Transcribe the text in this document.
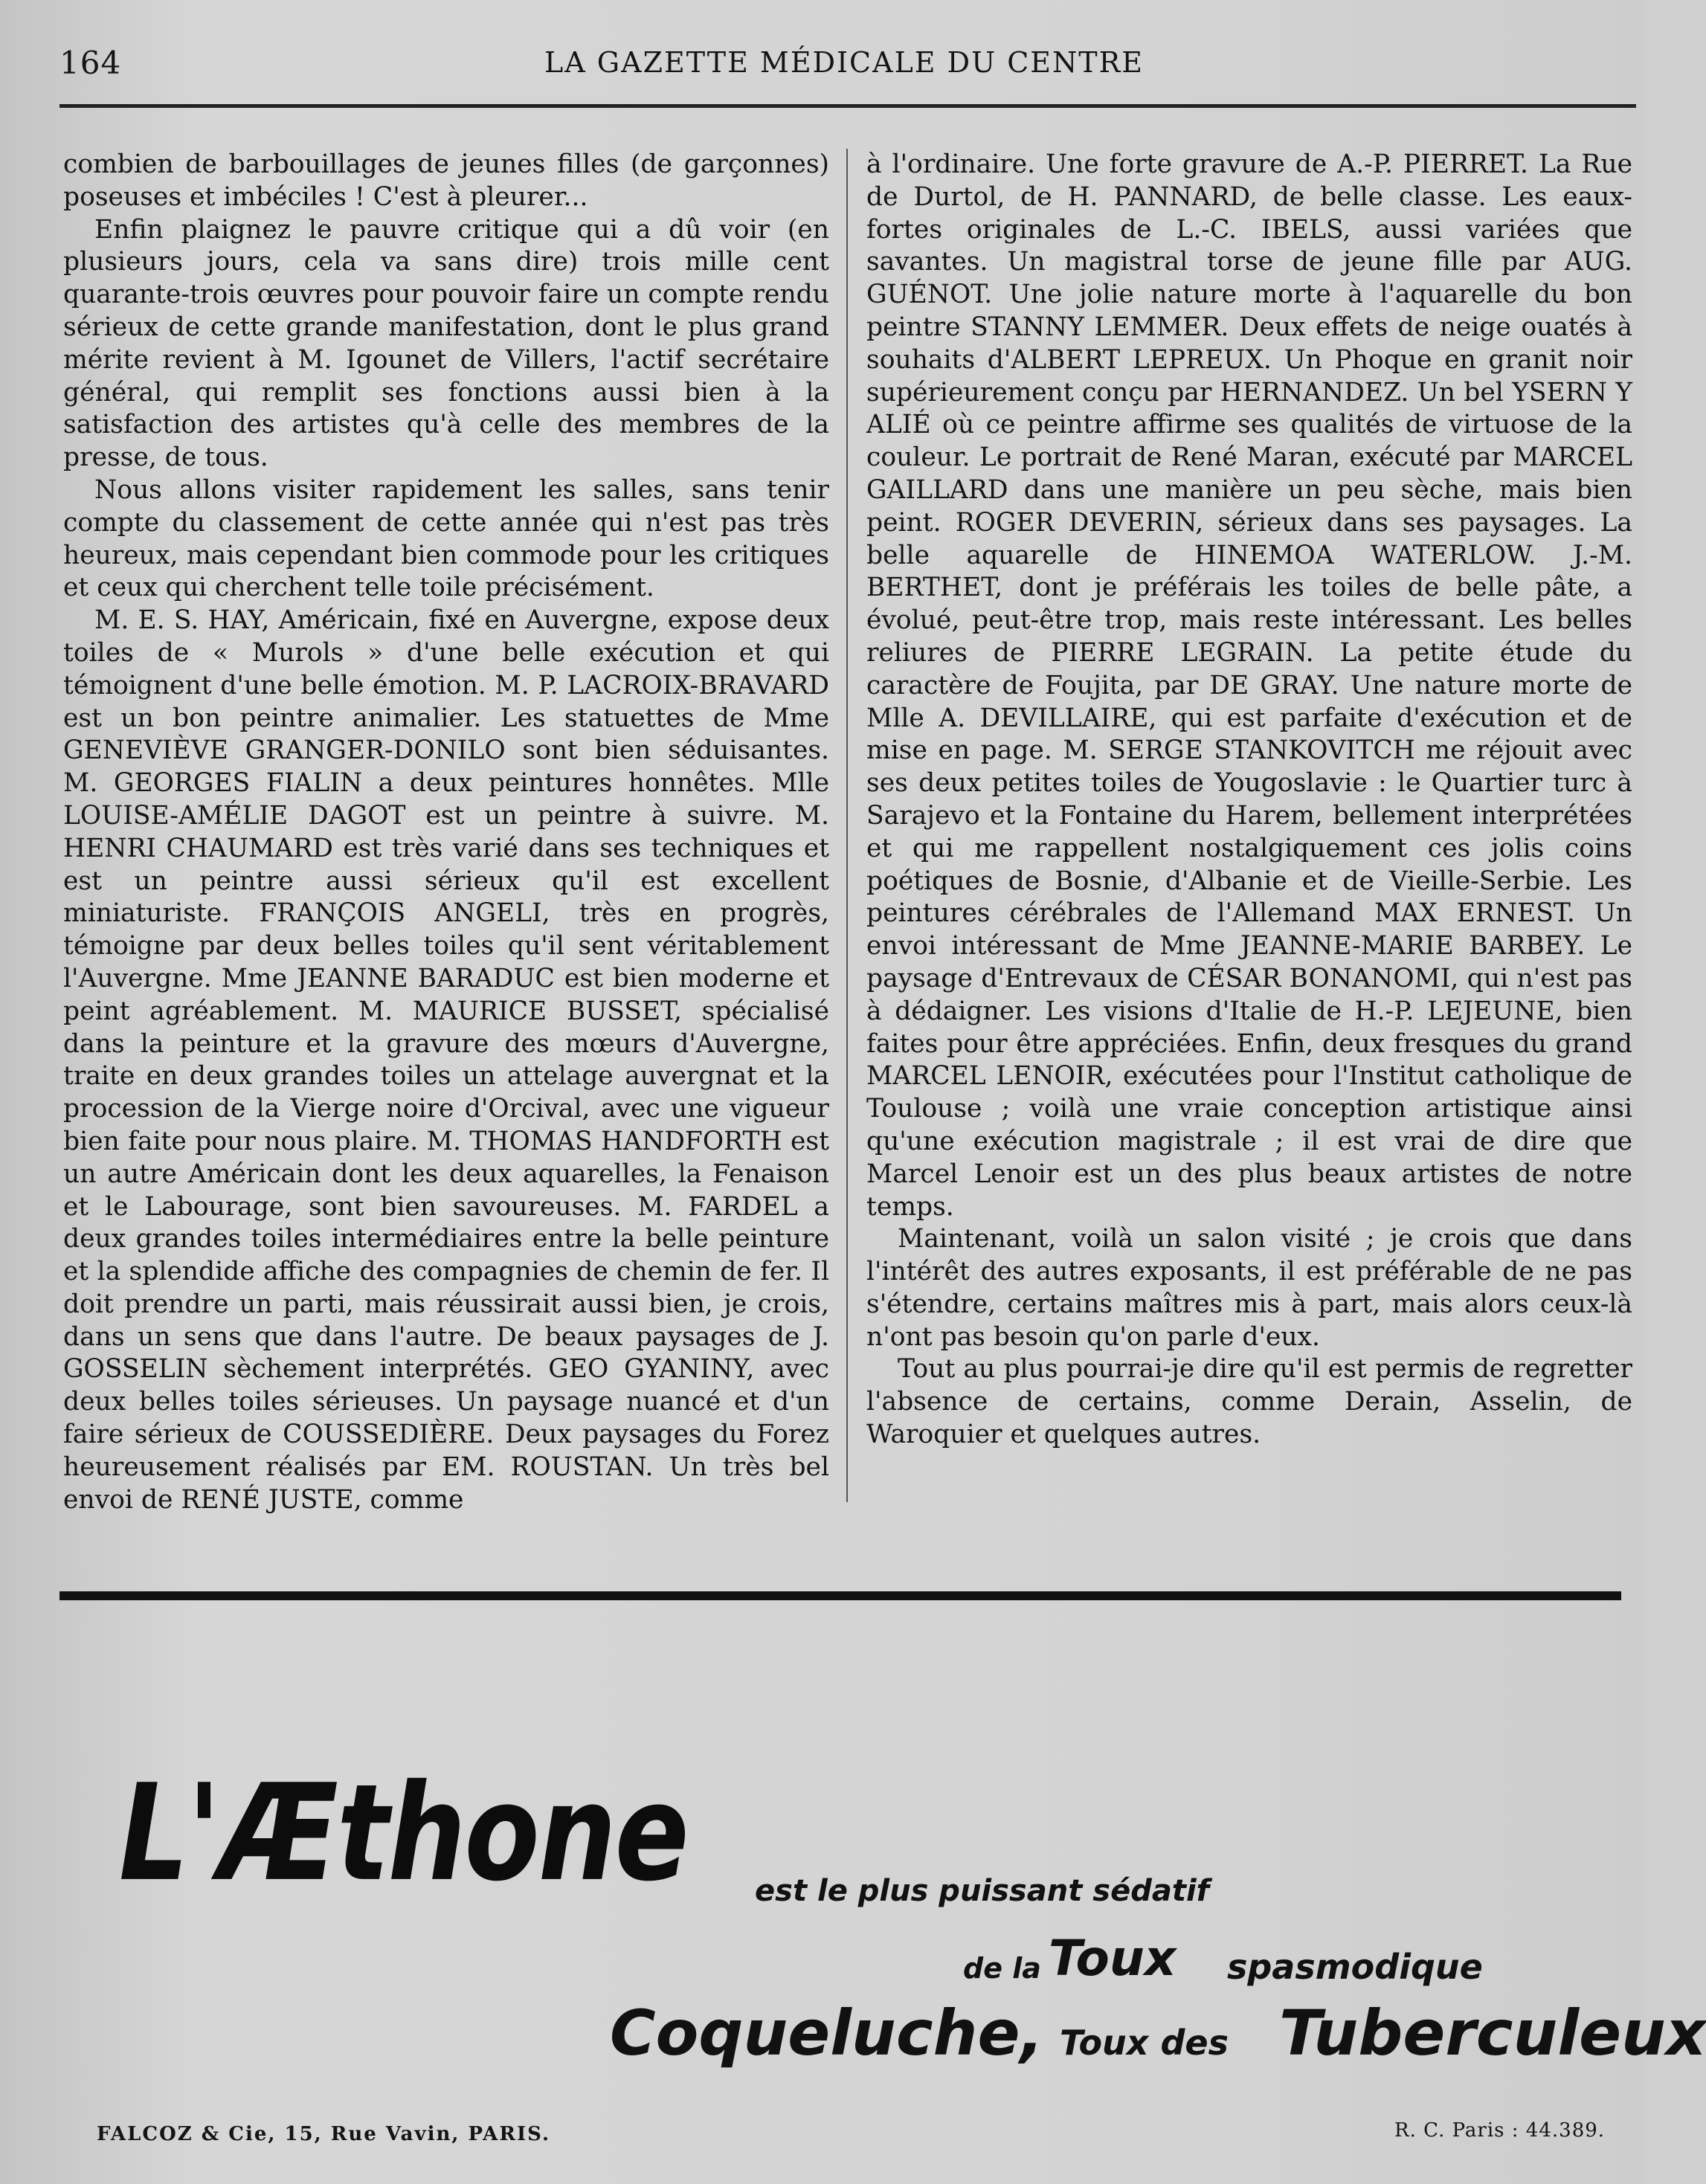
164	LA GAZETTE MÉDICALE DU CENTRE

combien de barbouillages de jeunes filles (de garçonnes) poseuses et imbéciles ! C'est à pleurer...

Enfin plaignez le pauvre critique qui a dû voir (en plusieurs jours, cela va sans dire) trois mille cent quarante-trois œuvres pour pouvoir faire un compte rendu sérieux de cette grande manifestation, dont le plus grand mérite revient à M. Igounet de Villers, l'actif secrétaire général, qui remplit ses fonctions aussi bien à la satisfaction des artistes qu'à celle des membres de la presse, de tous.

Nous allons visiter rapidement les salles, sans tenir compte du classement de cette année qui n'est pas très heureux, mais cependant bien commode pour les critiques et ceux qui cherchent telle toile précisément.

M. E. S. HAY, Américain, fixé en Auvergne, expose deux toiles de « Murols » d'une belle exécution et qui témoignent d'une belle émotion. M. P. LACROIX-BRAVARD est un bon peintre animalier. Les statuettes de Mme GENEVIÈVE GRANGER-DONILO sont bien séduisantes. M. GEORGES FIALIN a deux peintures honnêtes. Mlle LOUISE-AMÉLIE DAGOT est un peintre à suivre. M. HENRI CHAUMARD est très varié dans ses techniques et est un peintre aussi sérieux qu'il est excellent miniaturiste. FRANÇOIS ANGELI, très en progrès, témoigne par deux belles toiles qu'il sent véritablement l'Auvergne. Mme JEANNE BARADUC est bien moderne et peint agréablement. M. MAURICE BUSSET, spécialisé dans la peinture et la gravure des mœurs d'Auvergne, traite en deux grandes toiles un attelage auvergnat et la procession de la Vierge noire d'Orcival, avec une vigueur bien faite pour nous plaire. M. THOMAS HANDFORTH est un autre Américain dont les deux aquarelles, la Fenaison et le Labourage, sont bien savoureuses. M. FARDEL a deux grandes toiles intermédiaires entre la belle peinture et la splendide affiche des compagnies de chemin de fer. Il doit prendre un parti, mais réussirait aussi bien, je crois, dans un sens que dans l'autre. De beaux paysages de J. GOSSELIN sèchement interprétés. GEO GYANINY, avec deux belles toiles sérieuses. Un paysage nuancé et d'un faire sérieux de COUSSEDIÈRE. Deux paysages du Forez heureusement réalisés par EM. ROUSTAN. Un très bel envoi de RENÉ JUSTE, comme

à l'ordinaire. Une forte gravure de A.-P. PIERRET. La Rue de Durtol, de H. PANNARD, de belle classe. Les eaux-fortes originales de L.-C. IBELS, aussi variées que savantes. Un magistral torse de jeune fille par AUG. GUÉNOT. Une jolie nature morte à l'aquarelle du bon peintre STANNY LEMMER. Deux effets de neige ouatés à souhaits d'ALBERT LEPREUX. Un Phoque en granit noir supérieurement conçu par HERNANDEZ. Un bel YSERN Y ALIÉ où ce peintre affirme ses qualités de virtuose de la couleur. Le portrait de René Maran, exécuté par MARCEL GAILLARD dans une manière un peu sèche, mais bien peint. ROGER DEVERIN, sérieux dans ses paysages. La belle aquarelle de HINEMOA WATERLOW. J.-M. BERTHET, dont je préférais les toiles de belle pâte, a évolué, peut-être trop, mais reste intéressant. Les belles reliures de PIERRE LEGRAIN. La petite étude du caractère de Foujita, par DE GRAY. Une nature morte de Mlle A. DEVILLAIRE, qui est parfaite d'exécution et de mise en page. M. SERGE STANKOVITCH me réjouit avec ses deux petites toiles de Yougoslavie : le Quartier turc à Sarajevo et la Fontaine du Harem, bellement interprétées et qui me rappellent nostalgiquement ces jolis coins poétiques de Bosnie, d'Albanie et de Vieille-Serbie. Les peintures cérébrales de l'Allemand MAX ERNEST. Un envoi intéressant de Mme JEANNE-MARIE BARBEY. Le paysage d'Entrevaux de CÉSAR BONANOMI, qui n'est pas à dédaigner. Les visions d'Italie de H.-P. LEJEUNE, bien faites pour être appréciées. Enfin, deux fresques du grand MARCEL LENOIR, exécutées pour l'Institut catholique de Toulouse ; voilà une vraie conception artistique ainsi qu'une exécution magistrale ; il est vrai de dire que Marcel Lenoir est un des plus beaux artistes de notre temps.

Maintenant, voilà un salon visité ; je crois que dans l'intérêt des autres exposants, il est préférable de ne pas s'étendre, certains maîtres mis à part, mais alors ceux-là n'ont pas besoin qu'on parle d'eux.

Tout au plus pourrai-je dire qu'il est permis de regretter l'absence de certains, comme Derain, Asselin, de Waroquier et quelques autres.

L'Æthone est le plus puissant sédatif
de la Toux spasmodique
Coqueluche, Toux des Tuberculeux
FALCOZ & Cie, 15, Rue Vavin, PARIS.	R. C. Paris : 44.389.
